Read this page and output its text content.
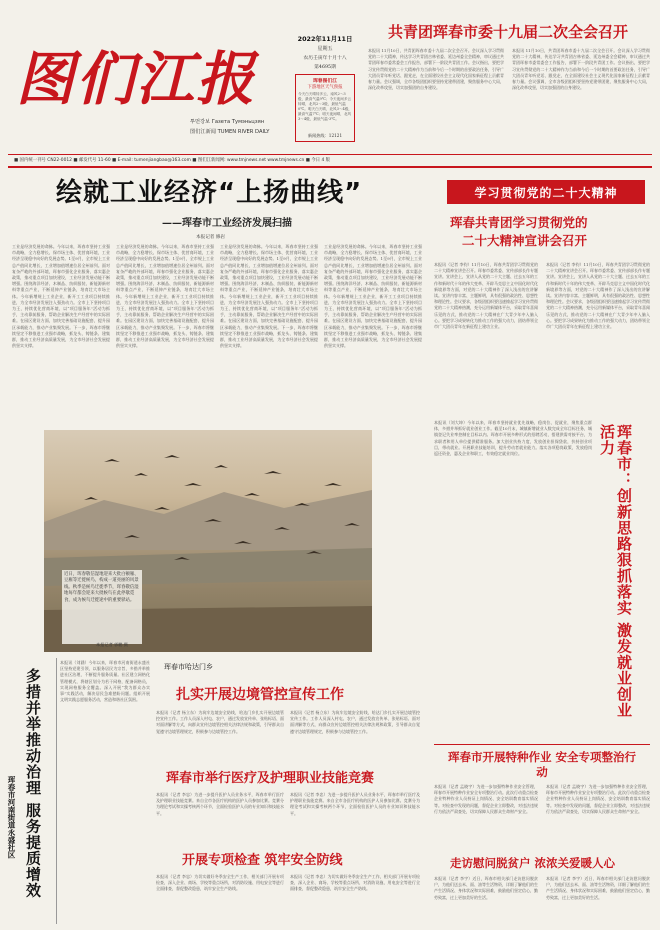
图们江报
투먼강보 Газета Тумэньцзян
图们江新闻 TUMEN RIVER DAILY
2022年11月11日
星期五
农历壬寅年十月十八
第4695期
珲春图们江
下游地区天气预报
今天白天晴转多云，南风2～3级，最高气温9℃；今天夜间多云转晴，北风2～3级，最低气温0℃。明天白天晴，北风3～4级，最高气温7℃；明天夜间晴，北风3～4级，最低气温-3℃。
新闻热线：12121
共青团珲春市委十九届二次全会召开
本报讯 11月10日，共青团珲春市委十九届二次全会召开。会议深入学习贯彻党的二十大精神，传达学习共青团吉林省委、延边州委全会精神，审议通过共青团珲春市委常委会工作报告，部署下一阶段共青团工作。会议指出，要把学习宣传贯彻党的二十大精神作为当前和今后一个时期的首要政治任务，引导广大团员青年听党话、跟党走，在全面建设社会主义现代化国家新征程上贡献青春力量。会议强调，全市各级团组织要坚持党建带团建，聚焦服务中心大局，深化改革攻坚，切实加强团的自身建设。
本报讯 11月10日，共青团珲春市委十九届二次全会召开。会议深入学习贯彻党的二十大精神，传达学习共青团吉林省委、延边州委全会精神，审议通过共青团珲春市委常委会工作报告，部署下一阶段共青团工作。会议指出，要把学习宣传贯彻党的二十大精神作为当前和今后一个时期的首要政治任务，引导广大团员青年听党话、跟党走，在全面建设社会主义现代化国家新征程上贡献青春力量。会议强调，全市各级团组织要坚持党建带团建，聚焦服务中心大局，深化改革攻坚，切实加强团的自身建设。
■ 国内统一刊号 CN22-0012 ■ 邮发代号 11-60 ■ E-mail: tumenjiangbao@163.com ■ 图们江新闻网: www.tmjnews.net www.tmjnews.cn ■ 今日 4 版
绘就工业经济“上扬曲线”
——珲春市工业经济发展扫描
本报记者 修岩
工业是经济发展的命脉。今年以来，珲春市坚持工业强市战略，全力稳增长、保市场主体、优营商环境，工业经济呈现稳中向好的发展态势。1至9月，全市规上工业总产值同比增长，工业增加值增速位居全州前列。面对复杂严峻的外部环境，珲春市强化企业服务，落实惠企政策，推动重点项目加快建设，工业经济发展动能不断增强。围绕海洋经济、木制品、纺织服装、新能源新材料等重点产业，不断延伸产业链条，培育壮大市场主体。今年新增规上工业企业，新开工工业项目持续推进，为全市经济发展注入强劲动力。全市上下坚持项目为王，持续优化营商环境，以“项目服务年”活动为抓手，主动靠前服务，帮助企业解决生产经营中的实际困难。在园区建设方面，加快完善基础设施配套，提升园区承载能力，推动产业集聚发展。下一步，珲春市将继续坚定不移推进工业强市战略，抓龙头、铸链条、建集群，推动工业经济高质量发展，为全市经济社会发展提供坚实支撑。
工业是经济发展的命脉。今年以来，珲春市坚持工业强市战略，全力稳增长、保市场主体、优营商环境，工业经济呈现稳中向好的发展态势。1至9月，全市规上工业总产值同比增长，工业增加值增速位居全州前列。面对复杂严峻的外部环境，珲春市强化企业服务，落实惠企政策，推动重点项目加快建设，工业经济发展动能不断增强。围绕海洋经济、木制品、纺织服装、新能源新材料等重点产业，不断延伸产业链条，培育壮大市场主体。今年新增规上工业企业，新开工工业项目持续推进，为全市经济发展注入强劲动力。全市上下坚持项目为王，持续优化营商环境，以“项目服务年”活动为抓手，主动靠前服务，帮助企业解决生产经营中的实际困难。在园区建设方面，加快完善基础设施配套，提升园区承载能力，推动产业集聚发展。下一步，珲春市将继续坚定不移推进工业强市战略，抓龙头、铸链条、建集群，推动工业经济高质量发展，为全市经济社会发展提供坚实支撑。
工业是经济发展的命脉。今年以来，珲春市坚持工业强市战略，全力稳增长、保市场主体、优营商环境，工业经济呈现稳中向好的发展态势。1至9月，全市规上工业总产值同比增长，工业增加值增速位居全州前列。面对复杂严峻的外部环境，珲春市强化企业服务，落实惠企政策，推动重点项目加快建设，工业经济发展动能不断增强。围绕海洋经济、木制品、纺织服装、新能源新材料等重点产业，不断延伸产业链条，培育壮大市场主体。今年新增规上工业企业，新开工工业项目持续推进，为全市经济发展注入强劲动力。全市上下坚持项目为王，持续优化营商环境，以“项目服务年”活动为抓手，主动靠前服务，帮助企业解决生产经营中的实际困难。在园区建设方面，加快完善基础设施配套，提升园区承载能力，推动产业集聚发展。下一步，珲春市将继续坚定不移推进工业强市战略，抓龙头、铸链条、建集群，推动工业经济高质量发展，为全市经济社会发展提供坚实支撑。
工业是经济发展的命脉。今年以来，珲春市坚持工业强市战略，全力稳增长、保市场主体、优营商环境，工业经济呈现稳中向好的发展态势。1至9月，全市规上工业总产值同比增长，工业增加值增速位居全州前列。面对复杂严峻的外部环境，珲春市强化企业服务，落实惠企政策，推动重点项目加快建设，工业经济发展动能不断增强。围绕海洋经济、木制品、纺织服装、新能源新材料等重点产业，不断延伸产业链条，培育壮大市场主体。今年新增规上工业企业，新开工工业项目持续推进，为全市经济发展注入强劲动力。全市上下坚持项目为王，持续优化营商环境，以“项目服务年”活动为抓手，主动靠前服务，帮助企业解决生产经营中的实际困难。在园区建设方面，加快完善基础设施配套，提升园区承载能力，推动产业集聚发展。下一步，珲春市将继续坚定不移推进工业强市战略，抓龙头、铸链条、建集群，推动工业经济高质量发展，为全市经济社会发展提供坚实支撑。
近日，珲春敬信湿地迎来大批白额雁、豆雁等迁徙候鸟，构成一道亮丽的风景线。秋季是候鸟迁徙季节，珲春敬信湿地每年都会迎来大批候鸟在此停歇觅食，成为候鸟迁徙途中的重要驿站。
本报记者 郭鹏 摄
学习贯彻党的二十大精神
珲春共青团学习贯彻党的
二十大精神宣讲会召开
本报讯（记者 李钧）11月10日，珲春共青团学习贯彻党的二十大精神宣讲会召开。珲春市委常委、宣传部部长作专题宣讲。宣讲会上，宣讲人从党的二十大主题、过去五年的工作和新时代十年的伟大变革、开辟马克思主义中国化时代化新境界等方面，对党的二十大精神作了深入浅出的宣讲解读。宣讲内容丰富、主题鲜明，具有很强的政治性、思想性和理论性。会议要求，各级团组织要迅速掀起学习宣传贯彻党的二十大精神热潮，充分运用新媒体平台，采取青年喜闻乐见的方式，推动党的二十大精神在广大青少年中入脑入心。要把学习成果转化为推动工作的强大动力，团结带领全市广大团员青年在新征程上建功立业。
本报讯（记者 李钧）11月10日，珲春共青团学习贯彻党的二十大精神宣讲会召开。珲春市委常委、宣传部部长作专题宣讲。宣讲会上，宣讲人从党的二十大主题、过去五年的工作和新时代十年的伟大变革、开辟马克思主义中国化时代化新境界等方面，对党的二十大精神作了深入浅出的宣讲解读。宣讲内容丰富、主题鲜明，具有很强的政治性、思想性和理论性。会议要求，各级团组织要迅速掀起学习宣传贯彻党的二十大精神热潮，充分运用新媒体平台，采取青年喜闻乐见的方式，推动党的二十大精神在广大青少年中入脑入心。要把学习成果转化为推动工作的强大动力，团结带领全市广大团员青年在新征程上建功立业。
本报讯（刘大坤）今年以来，珲春市坚持就业优先战略，稳岗位、促就业，聚焦重点群体，多措并举抓好就业创业工作。截至10月末，城镇新增就业人数完成全年目标任务，城镇登记失业率控制在目标以内。珲春市开展多种形式的招聘活动，搭建供需对接平台，为求职者和用人单位提供精准服务。加大创业扶持力度，发放创业担保贷款，扶持创业项目，带动就业。开展职业技能培训，提升劳动者就业能力。落实各项稳岗政策，发放稳岗返还资金，惠及企业和职工，有效稳定就业岗位。	珲春市：创新思路狠抓落实 激发就业创业活力
珲春市河南街道永盛社区 多措并举推动治理 服务提质增效
本报讯（刘涵）今年以来，珲春市河南街道永盛社区坚持党建引领，以服务居民为宗旨，多措并举推进社区治理，不断提升服务质量。社区建立网格化管理模式，将辖区划分为若干网格，配备网格员，实现网格服务全覆盖。深入开展“我为群众办实事”实践活动，解决居民急难愁盼问题。组织开展文明实践志愿服务活动，营造和谐社区氛围。
珲春市哈达门乡
扎实开展边境管控宣传工作
本报讯（记者 杨立东）为筑牢边境安全防线，哈达门乡扎实开展边境管控宣传工作。工作人员深入村屯、农户，通过发放宣传单、张贴标语、面对面讲解等方式，向群众宣传边境管控相关法律法规和政策，引导群众自觉遵守边境管理规定，积极参与边境管控工作。
本报讯（记者 杨立东）为筑牢边境安全防线，哈达门乡扎实开展边境管控宣传工作。工作人员深入村屯、农户，通过发放宣传单、张贴标语、面对面讲解等方式，向群众宣传边境管控相关法律法规和政策，引导群众自觉遵守边境管理规定，积极参与边境管控工作。
珲春市举行医疗及护理职业技能竞赛
本报讯（记者 李忠）为进一步提升医护人员业务水平，珲春市举行医疗及护理职业技能竞赛。来自全市各医疗机构的医护人员参加比赛。竞赛分为理论考试和实操考核两个环节，全面检验医护人员的专业知识和技能水平。
本报讯（记者 李忠）为进一步提升医护人员业务水平，珲春市举行医疗及护理职业技能竞赛。来自全市各医疗机构的医护人员参加比赛。竞赛分为理论考试和实操考核两个环节，全面检验医护人员的专业知识和技能水平。
开展专项检查 筑牢安全防线
本报讯（记者 李忠）为切实做好冬季安全生产工作，相关部门开展专项检查，深入企业、商场、学校等重点场所，对消防设施、用电安全等进行全面排查，督促整改隐患，筑牢安全生产防线。
本报讯（记者 李忠）为切实做好冬季安全生产工作，相关部门开展专项检查，深入企业、商场、学校等重点场所，对消防设施、用电安全等进行全面排查，督促整改隐患，筑牢安全生产防线。
珲春市开展特种作业 安全专项整治行动
本报讯（记者 孟晓宇）为进一步加强特种作业安全管理，珲春市开展特种作业安全专项整治行动。此次行动重点检查企业特种作业人员持证上岗情况、安全培训教育落实情况等。对检查中发现的问题，督促企业立即整改，对违法违规行为依法严肃查处，切实保障人民群众生命财产安全。
本报讯（记者 孟晓宇）为进一步加强特种作业安全管理，珲春市开展特种作业安全专项整治行动。此次行动重点检查企业特种作业人员持证上岗情况、安全培训教育落实情况等。对检查中发现的问题，督促企业立即整改，对违法违规行为依法严肃查处，切实保障人民群众生命财产安全。
走访慰问脱贫户 浓浓关爱暖人心
本报讯（记者 李宇）近日，珲春市相关部门走访慰问脱贫户，为他们送去米、面、油等生活物资，详细了解他们的生产生活情况、身体状况和实际困难，鼓励他们坚定信心，勤劳致富，过上更加美好的生活。
本报讯（记者 李宇）近日，珲春市相关部门走访慰问脱贫户，为他们送去米、面、油等生活物资，详细了解他们的生产生活情况、身体状况和实际困难，鼓励他们坚定信心，勤劳致富，过上更加美好的生活。
